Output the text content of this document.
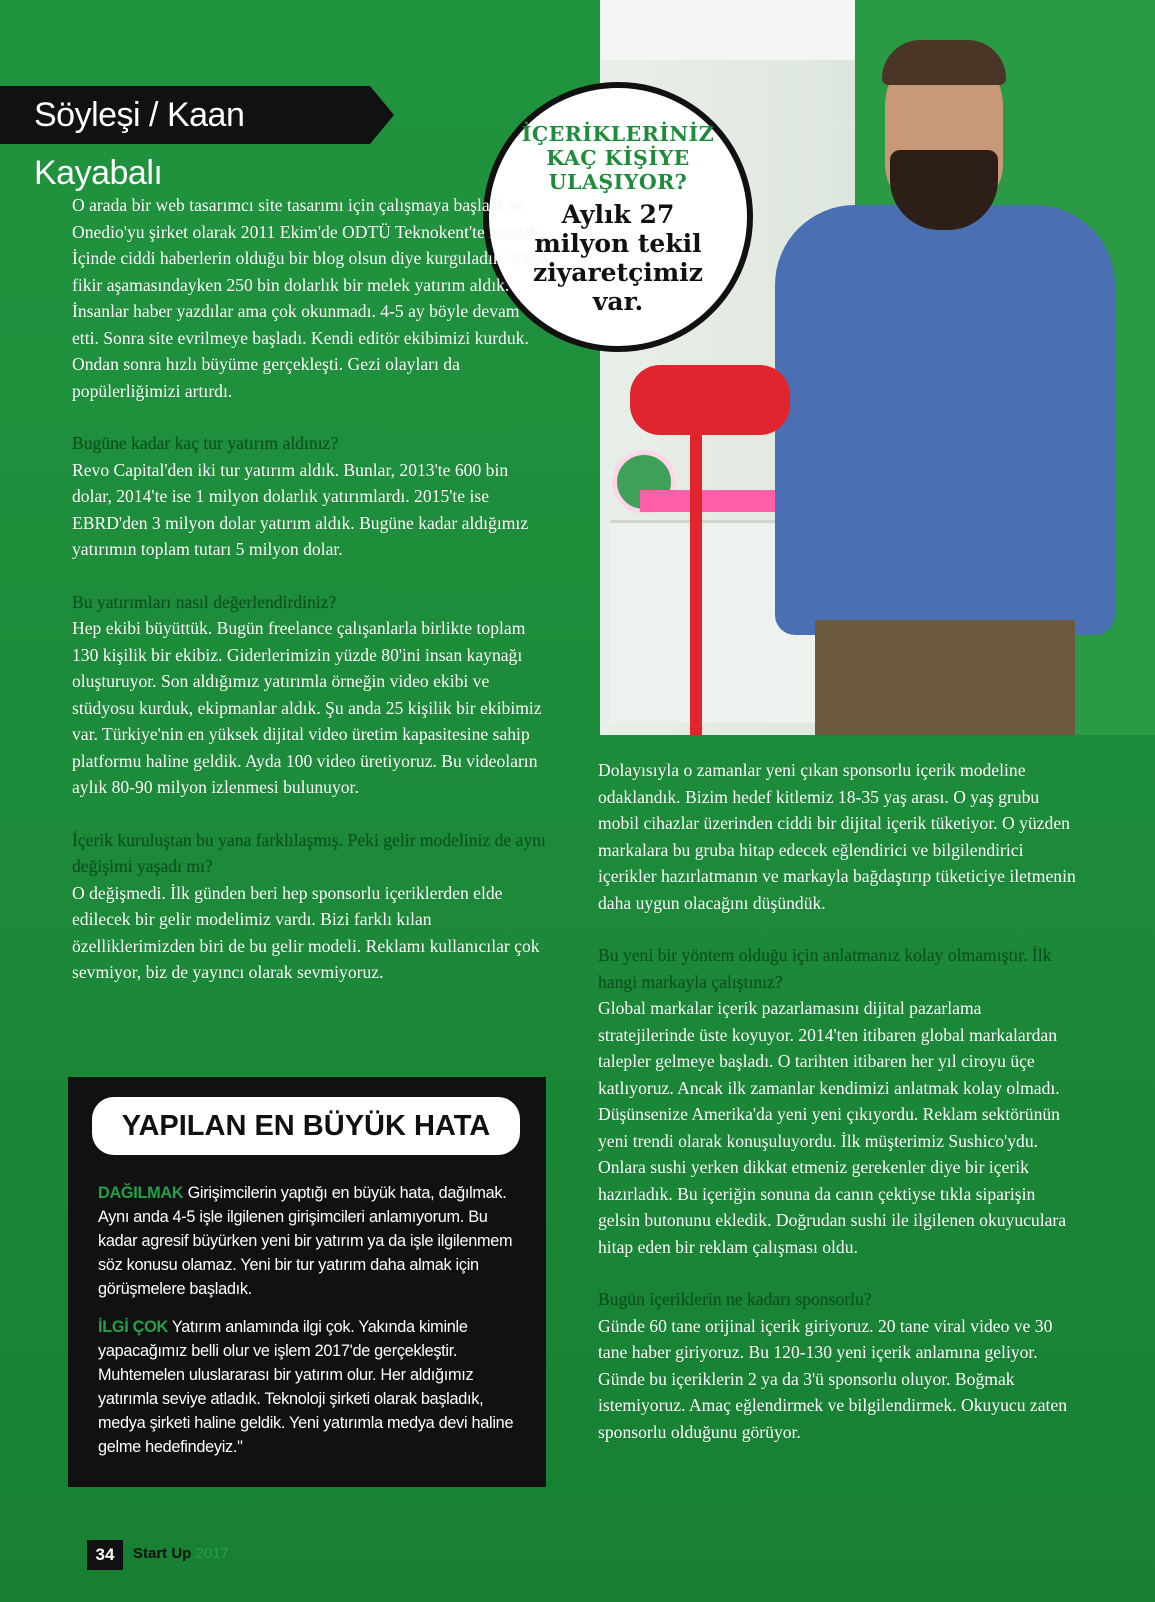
Söyleşi / Kaan Kayabalı
İÇERİKLERİNİZ
KAÇ KİŞİYE
ULAŞIYOR?
Aylık 27
milyon tekil
ziyaretçimiz
var.

O arada bir web tasarımcı site tasarımı için çalışmaya başladı ve Onedio'yu şirket olarak 2011 Ekim'de ODTÜ Teknokent'te kurduk. İçinde ciddi haberlerin olduğu bir blog olsun diye kurguladık. Daha fikir aşamasındayken 250 bin dolarlık bir melek yatırım aldık. İnsanlar haber yazdılar ama çok okunmadı. 4-5 ay böyle devam etti. Sonra site evrilmeye başladı. Kendi editör ekibimizi kurduk. Ondan sonra hızlı büyüme gerçekleşti. Gezi olayları da popülerliğimizi artırdı.

Bugüne kadar kaç tur yatırım aldınız?
Revo Capital'den iki tur yatırım aldık. Bunlar, 2013'te 600 bin dolar, 2014'te ise 1 milyon dolarlık yatırımlardı. 2015'te ise EBRD'den 3 milyon dolar yatırım aldık. Bugüne kadar aldığımız yatırımın toplam tutarı 5 milyon dolar.

Bu yatırımları nasıl değerlendirdiniz?
Hep ekibi büyüttük. Bugün freelance çalışanlarla birlikte toplam 130 kişilik bir ekibiz. Giderlerimizin yüzde 80'ini insan kaynağı oluşturuyor. Son aldığımız yatırımla örneğin video ekibi ve stüdyosu kurduk, ekipmanlar aldık. Şu anda 25 kişilik bir ekibimiz var. Türkiye'nin en yüksek dijital video üretim kapasitesine sahip platformu haline geldik. Ayda 100 video üretiyoruz. Bu videoların aylık 80-90 milyon izlenmesi bulunuyor.

İçerik kuruluştan bu yana farklılaşmış. Peki gelir modeliniz de aynı değişimi yaşadı mı?
O değişmedi. İlk günden beri hep sponsorlu içeriklerden elde edilecek bir gelir modelimiz vardı. Bizi farklı kılan özelliklerimizden biri de bu gelir modeli. Reklamı kullanıcılar çok sevmiyor, biz de yayıncı olarak sevmiyoruz.

Dolayısıyla o zamanlar yeni çıkan sponsorlu içerik modeline odaklandık. Bizim hedef kitlemiz 18-35 yaş arası. O yaş grubu mobil cihazlar üzerinden ciddi bir dijital içerik tüketiyor. O yüzden markalara bu gruba hitap edecek eğlendirici ve bilgilendirici içerikler hazırlatmanın ve markayla bağdaştırıp tüketiciye iletmenin daha uygun olacağını düşündük.

Bu yeni bir yöntem olduğu için anlatmanız kolay olmamıştır. İlk hangi markayla çalıştınız?
Global markalar içerik pazarlamasını dijital pazarlama stratejilerinde üste koyuyor. 2014'ten itibaren global markalardan talepler gelmeye başladı. O tarihten itibaren her yıl ciroyu üçe katlıyoruz. Ancak ilk zamanlar kendimizi anlatmak kolay olmadı. Düşünsenize Amerika'da yeni yeni çıkıyordu. Reklam sektörünün yeni trendi olarak konuşuluyordu. İlk müşterimiz Sushico'ydu. Onlara sushi yerken dikkat etmeniz gerekenler diye bir içerik hazırladık. Bu içeriğin sonuna da canın çektiyse tıkla siparişin gelsin butonunu ekledik. Doğrudan sushi ile ilgilenen okuyuculara hitap eden bir reklam çalışması oldu.

Bugün içeriklerin ne kadarı sponsorlu?
Günde 60 tane orijinal içerik giriyoruz. 20 tane viral video ve 30 tane haber giriyoruz. Bu 120-130 yeni içerik anlamına geliyor. Günde bu içeriklerin 2 ya da 3'ü sponsorlu oluyor. Boğmak istemiyoruz. Amaç eğlendirmek ve bilgilendirmek. Okuyucu zaten sponsorlu olduğunu görüyor.

YAPILAN EN BÜYÜK HATA

DAĞILMAK Girişimcilerin yaptığı en büyük hata, dağılmak. Aynı anda 4-5 işle ilgilenen girişimcileri anlamıyorum. Bu kadar agresif büyürken yeni bir yatırım ya da işle ilgilenmem söz konusu olamaz. Yeni bir tur yatırım daha almak için görüşmelere başladık.

İLGİ ÇOK Yatırım anlamında ilgi çok. Yakında kiminle yapacağımız belli olur ve işlem 2017'de gerçekleştir. Muhtemelen uluslararası bir yatırım olur. Her aldığımız yatırımla seviye atladık. Teknoloji şirketi olarak başladık, medya şirketi haline geldik. Yeni yatırımla medya devi haline gelme hedefindeyiz."

34	Start Up 2017
